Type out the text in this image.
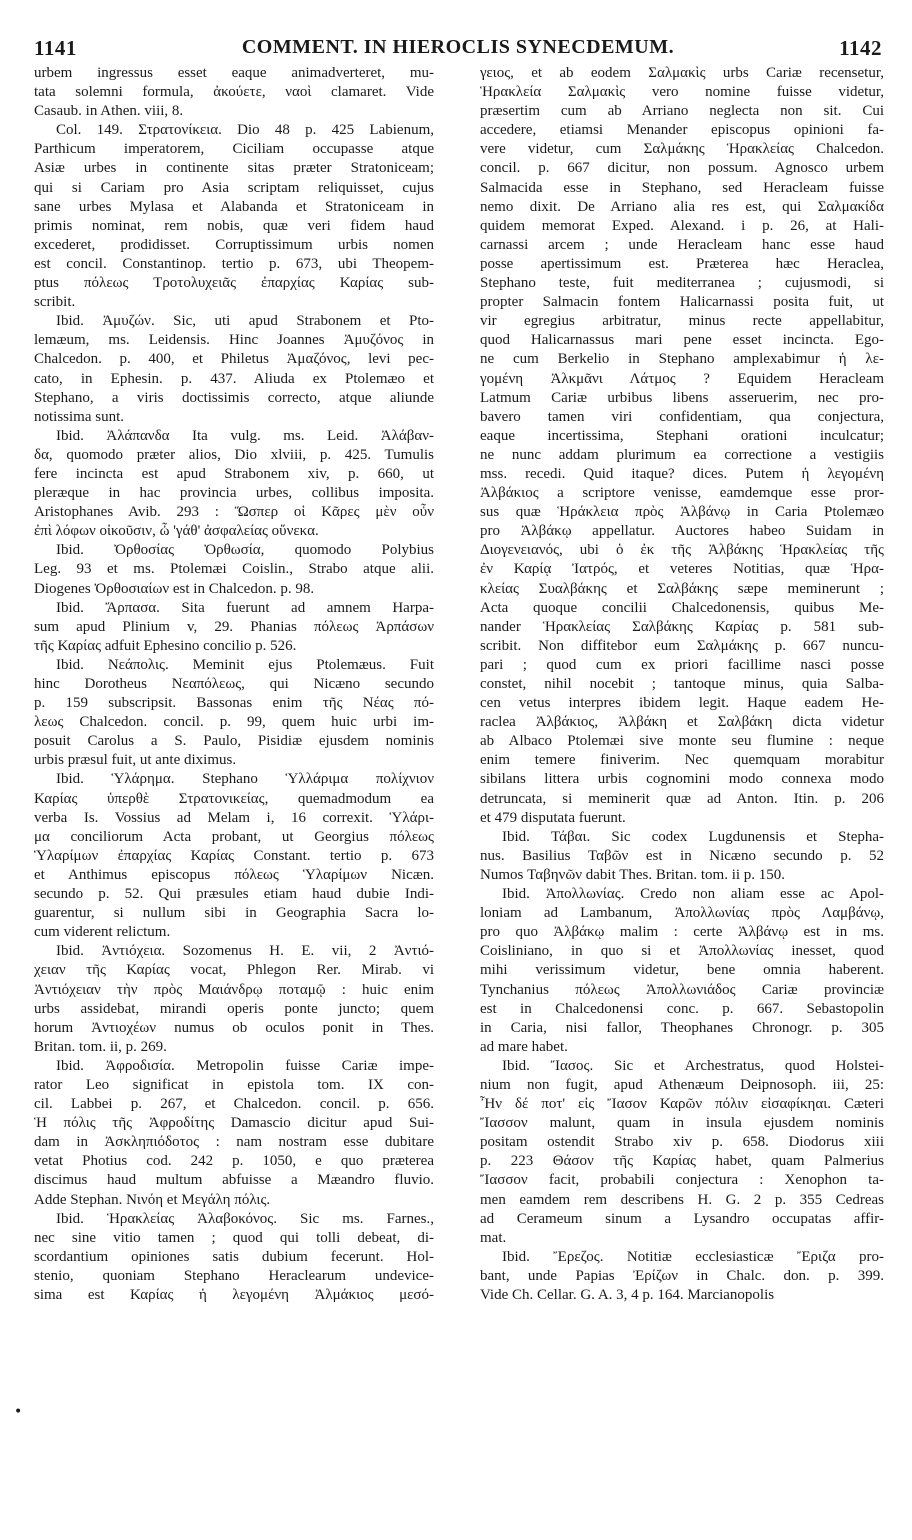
1141	COMMENT. IN HIEROCLIS SYNECDEMUM.	1142
urbem ingressus esset eaque animadverteret, mu-
tata solemni formula, ἀκούετε, ναοὶ clamaret. Vide
Casaub. in Athen. viii, 8.
Col. 149. Στρατονίκεια. Dio 48 p. 425 Labienum,
Parthicum imperatorem, Ciciliam occupasse atque
Asiæ urbes in continente sitas præter Stratoniceam;
qui si Cariam pro Asia scriptam reliquisset, cujus
sane urbes Mylasa et Alabanda et Stratoniceam in
primis nominat, rem nobis, quæ veri fidem haud
excederet, prodidisset. Corruptissimum urbis nomen
est concil. Constantinop. tertio p. 673, ubi Theopem-
ptus πόλεως Τροτολυχειᾶς ἐπαρχίας Καρίας sub-
scribit.
Ibid. Ἀμυζών. Sic, uti apud Strabonem et Pto-
lemæum, ms. Leidensis. Hinc Joannes Ἀμυζόνος in
Chalcedon. p. 400, et Philetus Ἀμαζόνος, levi pec-
cato, in Ephesin. p. 437. Aliuda ex Ptolemæo et
Stephano, a viris doctissimis correcto, atque aliunde
notissima sunt.
Ibid. Ἀλάπανδα Ita vulg. ms. Leid. Ἀλάβαν-
δα, quomodo præter alios, Dio xlviii, p. 425. Tumulis
fere incincta est apud Strabonem xiv, p. 660, ut
pleræque in hac provincia urbes, collibus imposita.
Aristophanes Avib. 293 : Ὥσπερ οἱ Κᾶρες μὲν οὖν
ἐπὶ λόφων οἰκοῦσιν, ὦ 'γάθ' ἀσφαλείας οὕνεκα.
Ibid. Ὀρθοσίας Ὀρθωσία, quomodo Polybius
Leg. 93 et ms. Ptolemæi Coislin., Strabo atque alii.
Diogenes Ὀρθοσιαίων est in Chalcedon. p. 98.
Ibid. Ἄρπασα. Sita fuerunt ad amnem Harpa-
sum apud Plinium v, 29. Phanias πόλεως Ἀρπάσων
τῆς Καρίας adfuit Ephesino concilio p. 526.
Ibid. Νεάπολις. Meminit ejus Ptolemæus. Fuit
hinc Dorotheus Νεαπόλεως, qui Nicæno secundo
p. 159 subscripsit. Bassonas enim τῆς Νέας πό-
λεως Chalcedon. concil. p. 99, quem huic urbi im-
posuit Carolus a S. Paulo, Pisidiæ ejusdem nominis
urbis præsul fuit, ut ante diximus.
Ibid. Ὑλάρημα. Stephano Ὑλλάριμα πολίχνιον
Καρίας ὑπερθὲ Στρατονικείας, quemadmodum ea
verba Is. Vossius ad Melam i, 16 correxit. Ὑλάρι-
μα conciliorum Acta probant, ut Georgius πόλεως
Ὑλαρίμων ἐπαρχίας Καρίας Constant. tertio p. 673
et Anthimus episcopus πόλεως Ὑλαρίμων Nicæn.
secundo p. 52. Qui præsules etiam haud dubie Indi-
guarentur, si nullum sibi in Geographia Sacra lo-
cum viderent relictum.
Ibid. Ἀντιόχεια. Sozomenus H. E. vii, 2 Ἀντιό-
χειαν τῆς Καρίας vocat, Phlegon Rer. Mirab. vi
Ἀντιόχειαν τὴν πρὸς Μαιάνδρῳ ποταμῷ : huic enim
urbs assidebat, mirandi operis ponte juncto; quem
horum Ἀντιοχέων numus ob oculos ponit in Thes.
Britan. tom. ii, p. 269.
Ibid. Ἀφροδισία. Metropolin fuisse Cariæ impe-
rator Leo significat in epistola tom. IX con-
cil. Labbei p. 267, et Chalcedon. concil. p. 656.
Ἡ πόλις τῆς Ἀφροδίτης Damascio dicitur apud Sui-
dam in Ἀσκληπιόδοτος : nam nostram esse dubitare
vetat Photius cod. 242 p. 1050, e quo præterea
discimus haud multum abfuisse a Mæandro fluvio.
Adde Stephan. Νινόη et Μεγάλη πόλις.
Ibid. Ἡρακλείας Ἀλαβοκόνος. Sic ms. Farnes.,
nec sine vitio tamen ; quod qui tolli debeat, di-
scordantium opiniones satis dubium fecerunt. Hol-
stenio, quoniam Stephano Heraclearum undevice-
sima est Καρίας ἡ λεγομένη Ἀλμάκιος μεσό-
γειος, et ab eodem Σαλμακὶς urbs Cariæ recensetur,
Ἡρακλεία Σαλμακὶς vero nomine fuisse videtur,
præsertim cum ab Arriano neglecta non sit. Cui
accedere, etiamsi Menander episcopus opinioni fa-
vere videtur, cum Σαλμάκης Ἡρακλείας Chalcedon.
concil. p. 667 dicitur, non possum. Agnosco urbem
Salmacida esse in Stephano, sed Heracleam fuisse
nemo dixit. De Arriano alia res est, qui Σαλμακίδα
quidem memorat Exped. Alexand. i p. 26, at Hali-
carnassi arcem ; unde Heracleam hanc esse haud
posse apertissimum est. Præterea hæc Heraclea,
Stephano teste, fuit mediterranea ; cujusmodi, si
propter Salmacin fontem Halicarnassi posita fuit, ut
vir egregius arbitratur, minus recte appellabitur,
quod Halicarnassus mari pene esset incincta. Ego-
ne cum Berkelio in Stephano amplexabimur ἡ λε-
γομένη Ἀλκμᾶνι Λάτμος ? Equidem Heracleam
Latmum Cariæ urbibus libens asseruerim, nec pro-
bavero tamen viri confidentiam, qua conjectura,
eaque incertissima, Stephani orationi inculcatur;
ne nunc addam plurimum ea correctione a vestigiis
mss. recedi. Quid itaque? dices. Putem ἡ λεγομένη
Ἀλβάκιος a scriptore venisse, eamdemque esse pror-
sus quæ Ἡράκλεια πρὸς Ἀλβάνῳ in Caria Ptolemæo
pro Ἀλβάκῳ appellatur. Auctores habeo Suidam in
Διογενειανός, ubi ὁ ἐκ τῆς Ἀλβάκης Ἡρακλείας τῆς
ἐν Καρίᾳ Ἰατρός, et veteres Notitias, quæ Ἡρα-
κλείας Συαλβάκης et Σαλβάκης sæpe meminerunt ;
Acta quoque concilii Chalcedonensis, quibus Me-
nander Ἡρακλείας Σαλβάκης Καρίας p. 581 sub-
scribit. Non diffitebor eum Σαλμάκης p. 667 nuncu-
pari ; quod cum ex priori facillime nasci posse
constet, nihil nocebit ; tantoque minus, quia Salba-
cen vetus interpres ibidem legit. Haque eadem He-
raclea Ἀλβάκιος, Ἀλβάκη et Σαλβάκη dicta videtur
ab Albaco Ptolemæi sive monte seu flumine : neque
enim temere finiverim. Nec quemquam morabitur
sibilans littera urbis cognomini modo connexa modo
detruncata, si meminerit quæ ad Anton. Itin. p. 206
et 479 disputata fuerunt.
Ibid. Τάβαι. Sic codex Lugdunensis et Stepha-
nus. Basilius Ταβῶν est in Nicæno secundo p. 52
Numos Ταβηνῶν dabit Thes. Britan. tom. ii p. 150.
Ibid. Ἀπολλωνίας. Credo non aliam esse ac Apol-
loniam ad Lambanum, Ἀπολλωνίας πρὸς Λαμβάνῳ,
pro quo Ἀλβάκῳ malim : certe Ἀλβάνῳ est in ms.
Coisliniano, in quo si et Ἀπολλωνίας inesset, quod
mihi verissimum videtur, bene omnia haberent.
Tynchanius πόλεως Ἀπολλωνιάδος Cariæ provinciæ
est in Chalcedonensi conc. p. 667. Sebastopolin
in Caria, nisi fallor, Theophanes Chronogr. p. 305
ad mare habet.
Ibid. Ἴασος. Sic et Archestratus, quod Holstei-
nium non fugit, apud Athenæum Deipnosoph. iii, 25:
Ἦν δέ ποτ' εἰς Ἴασον Καρῶν πόλιν εἰσαφίκηαι. Cæteri
Ἴασσον malunt, quam in insula ejusdem nominis
positam ostendit Strabo xiv p. 658. Diodorus xiii
p. 223 Θάσον τῆς Καρίας habet, quam Palmerius
Ἴασσον facit, probabili conjectura : Xenophon ta-
men eamdem rem describens H. G. 2 p. 355 Cedreas
ad Cerameum sinum a Lysandro occupatas affir-
mat.
Ibid. Ἔρεζος. Notitiæ ecclesiasticæ Ἔριζα pro-
bant, unde Papias Ἐρίζων in Chalc. don. p. 399.
Vide Ch. Cellar. G. A. 3, 4 p. 164. Marcianopolis
•
